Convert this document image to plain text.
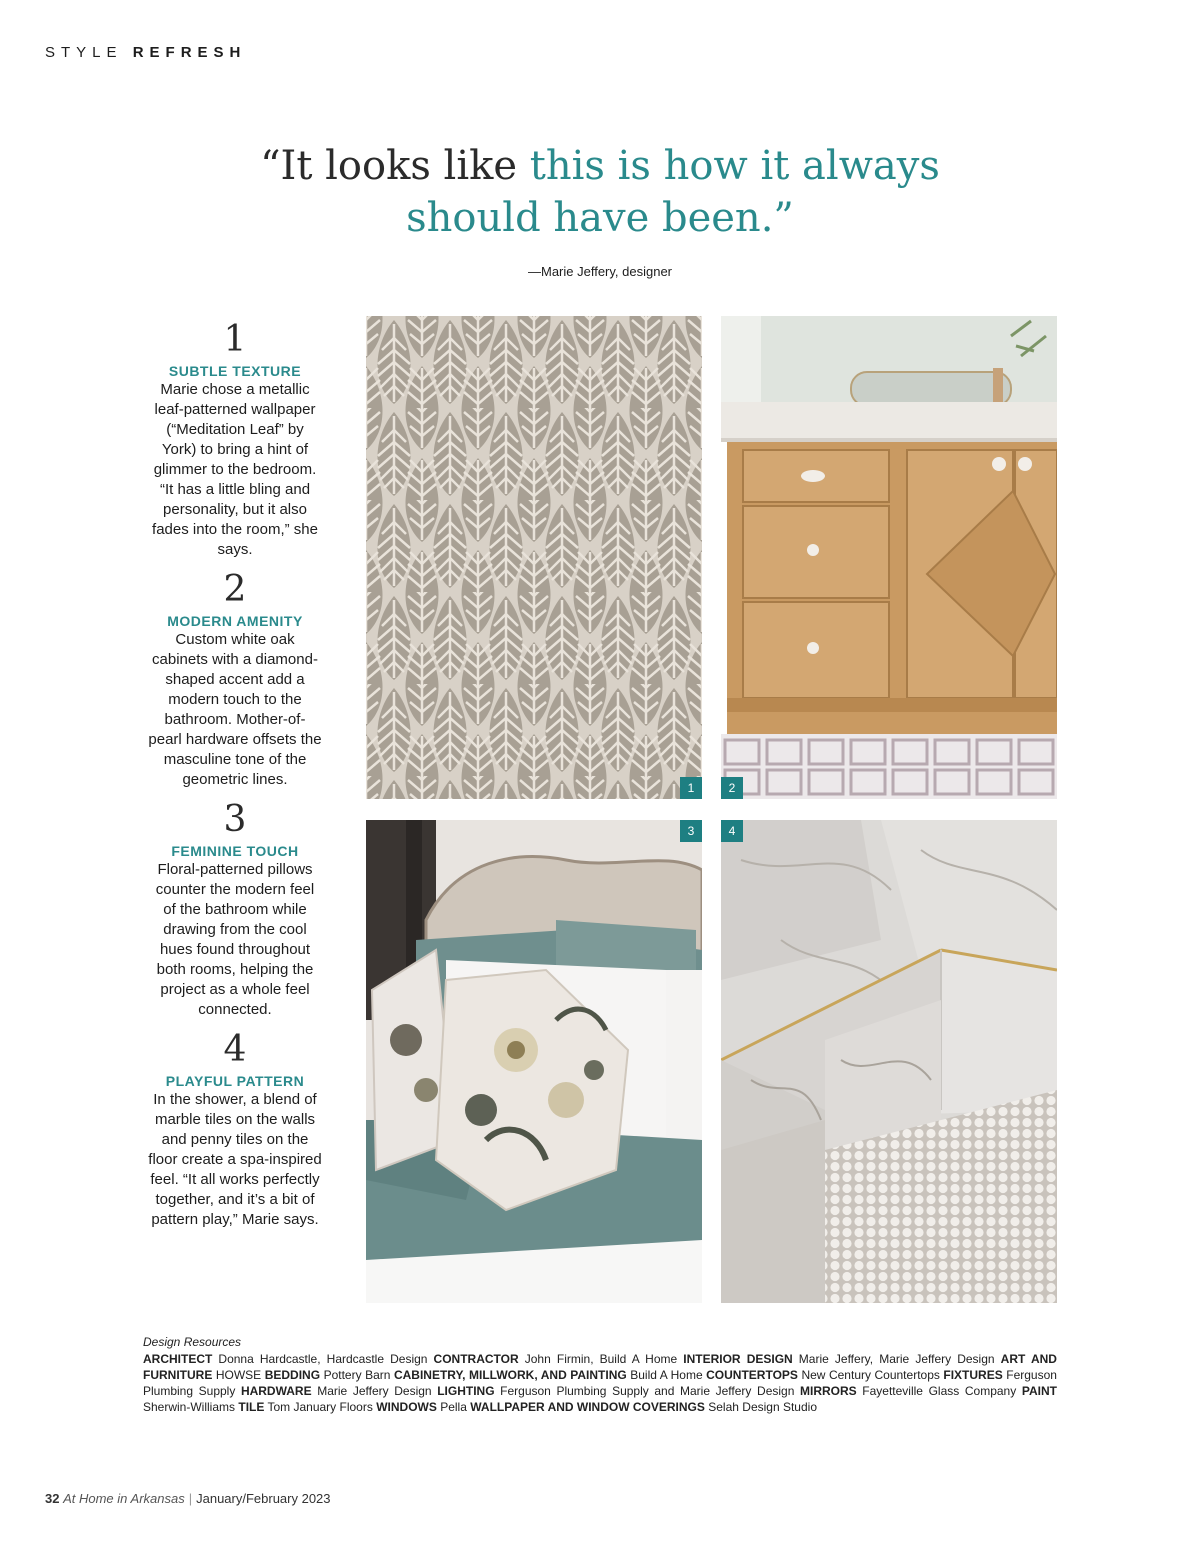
STYLE REFRESH
“It looks like this is how it always
should have been.”
—Marie Jeffery, designer
1
SUBTLE TEXTURE
Marie chose a metallic leaf-patterned wallpaper (“Meditation Leaf” by York) to bring a hint of glimmer to the bedroom. “It has a little bling and personality, but it also fades into the room,” she says.
2
MODERN AMENITY
Custom white oak cabinets with a diamond-shaped accent add a modern touch to the bathroom. Mother-of-pearl hardware offsets the masculine tone of the geometric lines.
3
FEMININE TOUCH
Floral-patterned pillows counter the modern feel of the bathroom while drawing from the cool hues found throughout both rooms, helping the project as a whole feel connected.
4
PLAYFUL PATTERN
In the shower, a blend of marble tiles on the walls and penny tiles on the floor create a spa-inspired feel. “It all works perfectly together, and it’s a bit of pattern play,” Marie says.
1	2
3	4
Design Resources
ARCHITECT Donna Hardcastle, Hardcastle Design CONTRACTOR John Firmin, Build A Home INTERIOR DESIGN Marie Jeffery, Marie Jeffery Design ART AND FURNITURE HOWSE BEDDING Pottery Barn CABINETRY, MILLWORK, AND PAINTING Build A Home COUNTERTOPS New Century Countertops FIXTURES Ferguson Plumbing Supply HARDWARE Marie Jeffery Design LIGHTING Ferguson Plumbing Supply and Marie Jeffery Design MIRRORS Fayetteville Glass Company PAINT Sherwin-Williams TILE Tom January Floors WINDOWS Pella WALLPAPER AND WINDOW COVERINGS Selah Design Studio
32 At Home in Arkansas | January/February 2023
